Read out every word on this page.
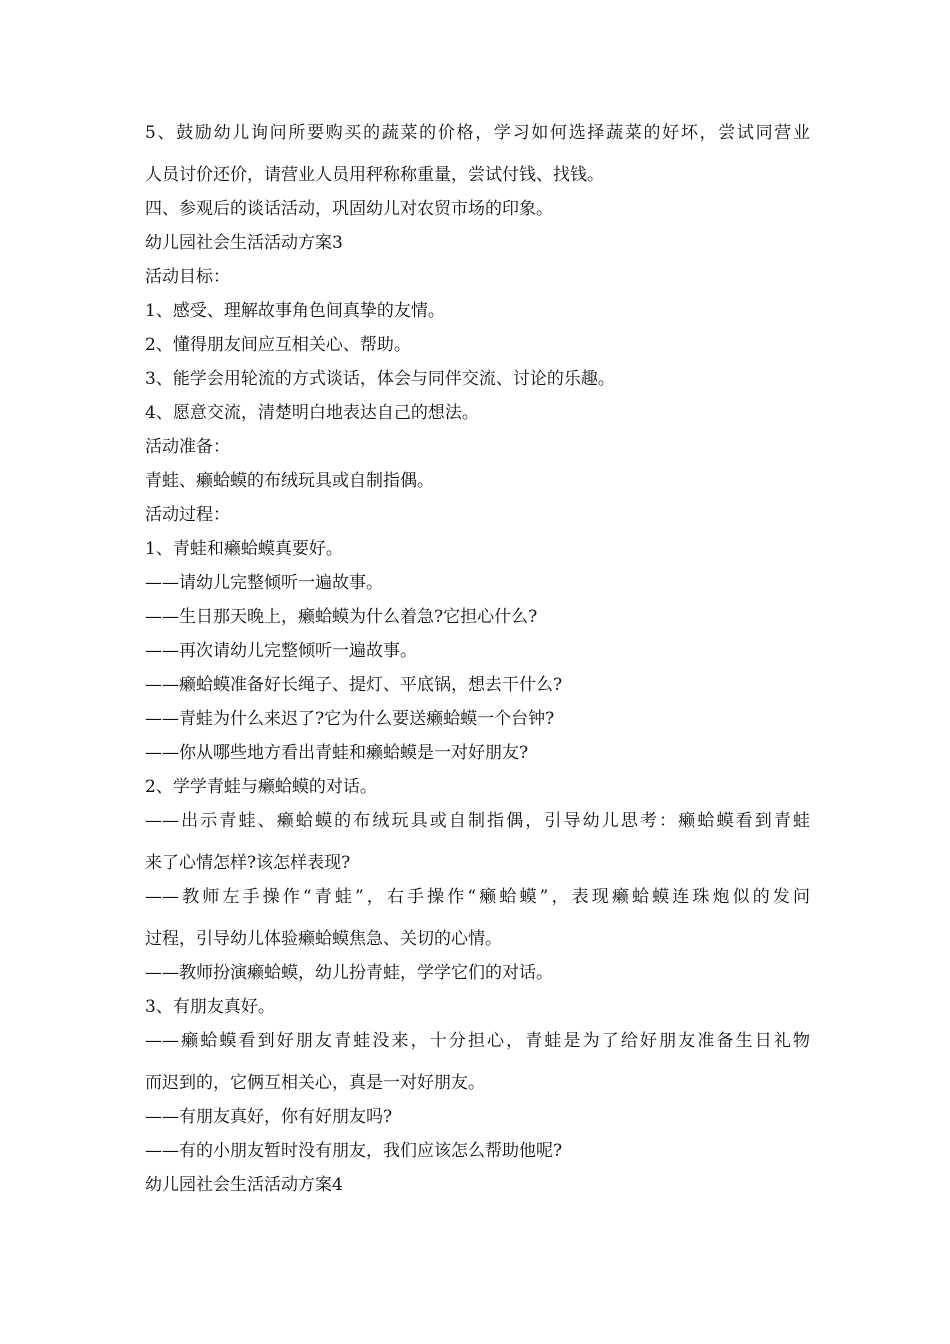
5、鼓励幼儿询问所要购买的蔬菜的价格，学习如何选择蔬菜的好坏，尝试同营业

人员讨价还价，请营业人员用秤称称重量，尝试付钱、找钱。

四、参观后的谈话活动，巩固幼儿对农贸市场的印象。

幼儿园社会生活活动方案3

活动目标：

1、感受、理解故事角色间真挚的友情。

2、懂得朋友间应互相关心、帮助。

3、能学会用轮流的方式谈话，体会与同伴交流、讨论的乐趣。

4、愿意交流，清楚明白地表达自己的想法。

活动准备：

青蛙、癞蛤蟆的布绒玩具或自制指偶。

活动过程：

1、青蛙和癞蛤蟆真要好。

——请幼儿完整倾听一遍故事。

——生日那天晚上，癞蛤蟆为什么着急?它担心什么?

——再次请幼儿完整倾听一遍故事。

——癞蛤蟆准备好长绳子、提灯、平底锅，想去干什么?

——青蛙为什么来迟了?它为什么要送癞蛤蟆一个台钟?

——你从哪些地方看出青蛙和癞蛤蟆是一对好朋友?

2、学学青蛙与癞蛤蟆的对话。

——出示青蛙、癞蛤蟆的布绒玩具或自制指偶，引导幼儿思考：癞蛤蟆看到青蛙

来了心情怎样?该怎样表现?

——教师左手操作“青蛙”，右手操作“癞蛤蟆”，表现癞蛤蟆连珠炮似的发问

过程，引导幼儿体验癞蛤蟆焦急、关切的心情。

——教师扮演癞蛤蟆，幼儿扮青蛙，学学它们的对话。

3、有朋友真好。

——癞蛤蟆看到好朋友青蛙没来，十分担心，青蛙是为了给好朋友准备生日礼物

而迟到的，它俩互相关心，真是一对好朋友。

——有朋友真好，你有好朋友吗?

——有的小朋友暂时没有朋友，我们应该怎么帮助他呢?

幼儿园社会生活活动方案4
